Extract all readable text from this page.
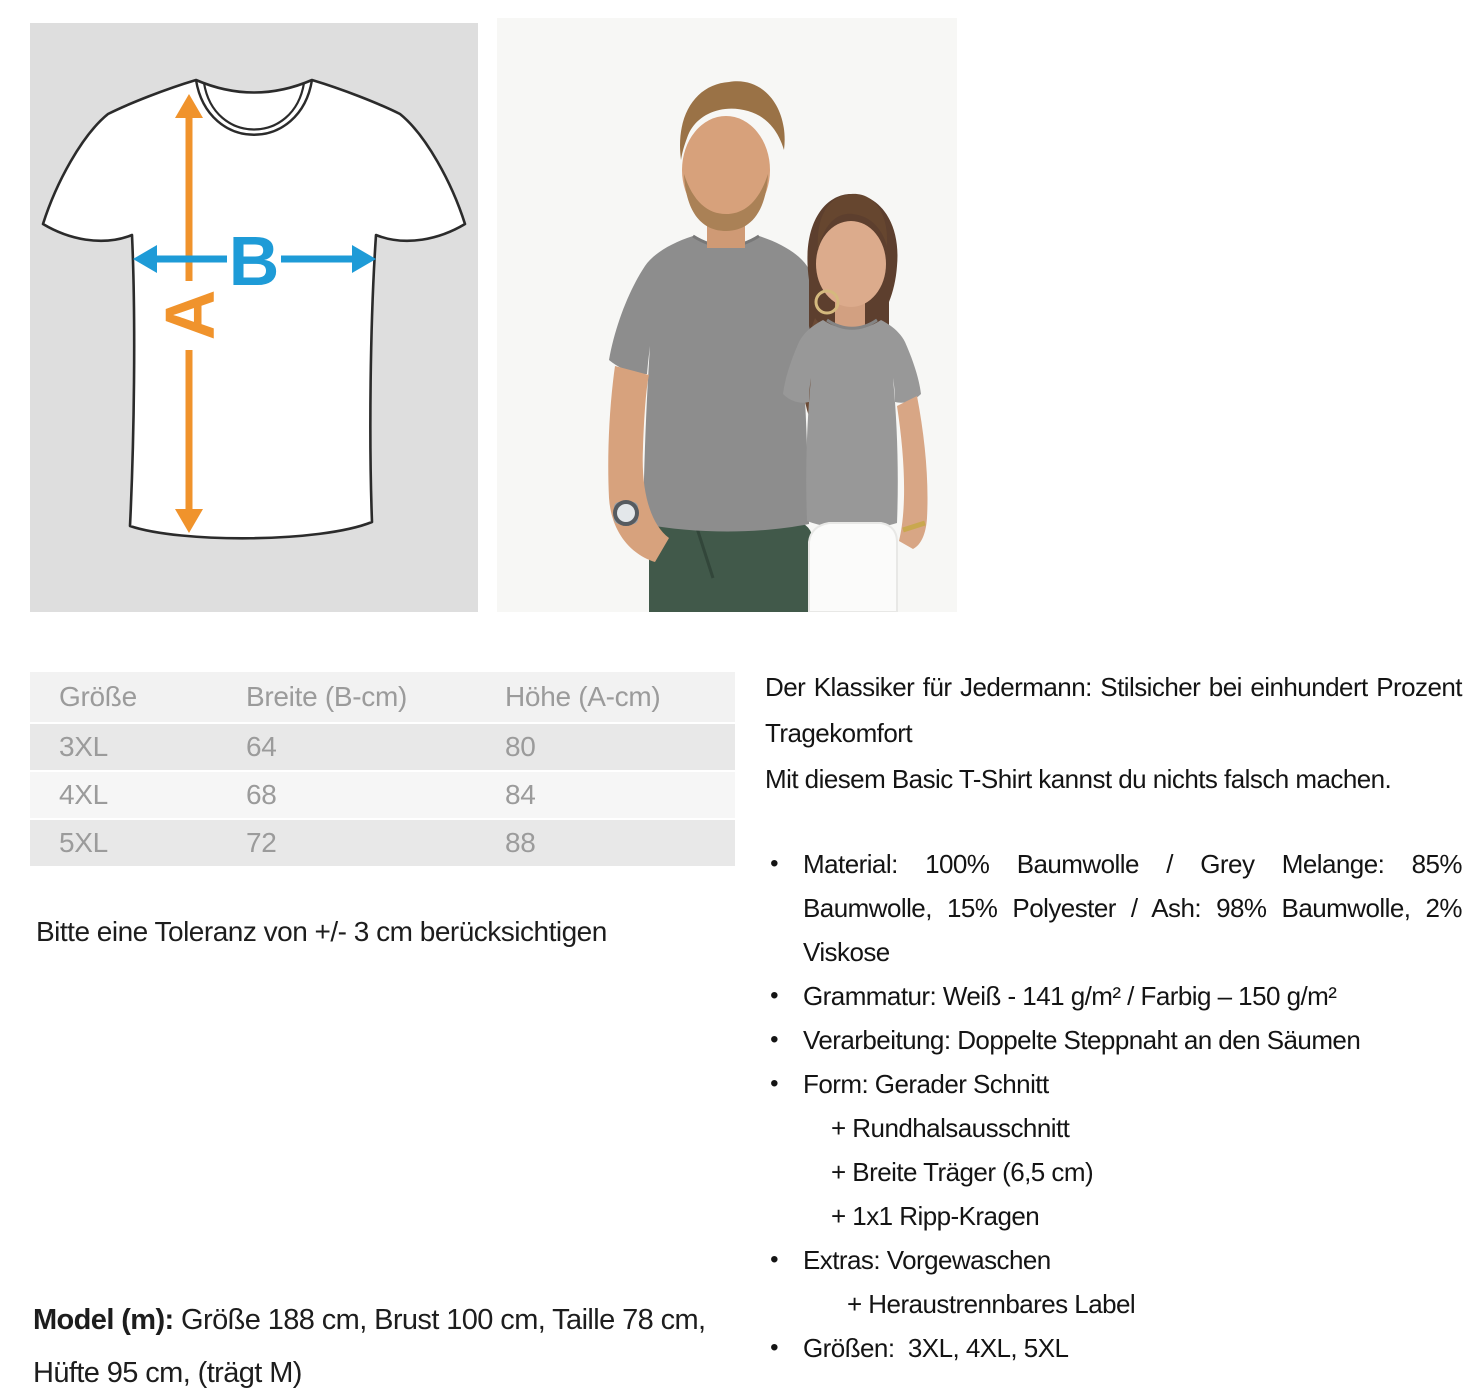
A
B
Größe	Breite (B-cm)	Höhe (A-cm)
3XL	64	80
4XL	68	84
5XL	72	88
Bitte eine Toleranz von +/- 3 cm berücksichtigen
Model (m): Größe 188 cm, Brust 100 cm, Taille 78 cm, Hüfte 95 cm, (trägt M)

Der Klassiker für Jedermann: Stilsicher bei einhundert Prozent Tragekomfort

Mit diesem Basic T-Shirt kannst du nichts falsch machen.

• Material: 100% Baumwolle / Grey Melange: 85% Baumwolle, 15% Polyester / Ash: 98% Baumwolle, 2% Viskose
• Grammatur: Weiß - 141 g/m² / Farbig – 150 g/m²
• Verarbeitung: Doppelte Steppnaht an den Säumen
• Form: Gerader Schnitt
+ Rundhalsausschnitt
+ Breite Träger (6,5 cm)
+ 1x1 Ripp-Kragen
• Extras: Vorgewaschen
+ Heraustrennbares Label
• Größen:  3XL, 4XL, 5XL
